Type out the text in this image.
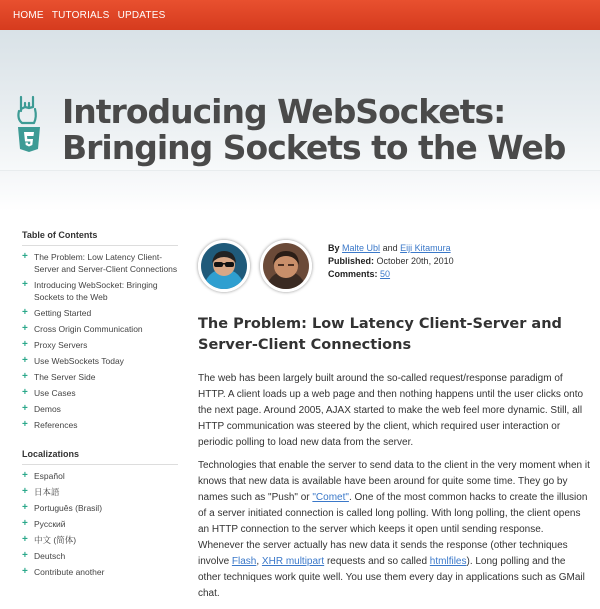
HOME TUTORIALS UPDATES
Introducing WebSockets:
Bringing Sockets to the Web
Table of Contents
+ The Problem: Low Latency Client-Server and Server-Client Connections
+ Introducing WebSocket: Bringing Sockets to the Web
+ Getting Started
+ Cross Origin Communication
+ Proxy Servers
+ Use WebSockets Today
+ The Server Side
+ Use Cases
+ Demos
+ References
Localizations
+ Español
+ 日本語
+ Português (Brasil)
+ Русский
+ 中文 (简体)
+ Deutsch
+ Contribute another
By Malte Ubl and Eiji Kitamura
Published: October 20th, 2010
Comments: 50
The Problem: Low Latency Client-Server and
Server-Client Connections

The web has been largely built around the so-called request/response paradigm of HTTP. A client loads up a web page and then nothing happens until the user clicks onto the next page. Around 2005, AJAX started to make the web feel more dynamic. Still, all HTTP communication was steered by the client, which required user interaction or periodic polling to load new data from the server.

Technologies that enable the server to send data to the client in the very moment when it knows that new data is available have been around for quite some time. They go by names such as "Push" or "Comet". One of the most common hacks to create the illusion of a server initiated connection is called long polling. With long polling, the client opens an HTTP connection to the server which keeps it open until sending response. Whenever the server actually has new data it sends the response (other techniques involve Flash, XHR multipart requests and so called htmlfiles). Long polling and the other techniques work quite well. You use them every day in applications such as GMail chat.
